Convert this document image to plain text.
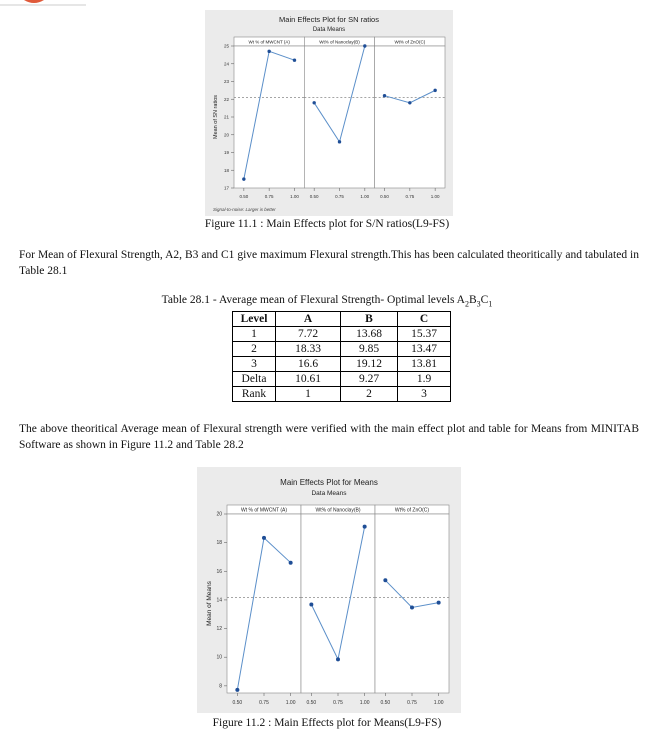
Main Effects Plot for SN ratios
Data Means
Mean of SN ratios
Wt % of MWCNT (A)
0.50	0.75	1.00
Wt% of Nanoclay(B)
0.50	0.75	1.00
Wt% of ZnO(C)
0.50	0.75	1.00
25
24
23
22
21
20
19
18
17
Signal-to-noise: Larger is better
Figure 11.1 : Main Effects plot for S/N ratios(L9-FS)
For Mean of Flexural Strength, A2, B3 and C1 give maximum Flexural strength.This has been calculated theoritically and tabulated in Table 28.1
Table 28.1 - Average mean of Flexural Strength- Optimal levels $A_2B_3C_1$
Level	A	B	C
1	7.72	13.68	15.37
2	18.33	9.85	13.47
3	16.6	19.12	13.81
Delta	10.61	9.27	1.9
Rank	1	2	3
The above theoritical Average mean of Flexural strength were verified with the main effect plot and table for Means from MINITAB Software as shown in Figure 11.2 and Table 28.2
Main Effects Plot for Means
Data Means
Mean of Means
Wt % of MWCNT (A)
0.50	0.75	1.00
Wt% of Nanoclay(B)
0.50	0.75	1.00
Wt% of ZnO(C)
0.50	0.75	1.00
20
18
16
14
12
10
8
Figure 11.2 : Main Effects plot for Means(L9-FS)
